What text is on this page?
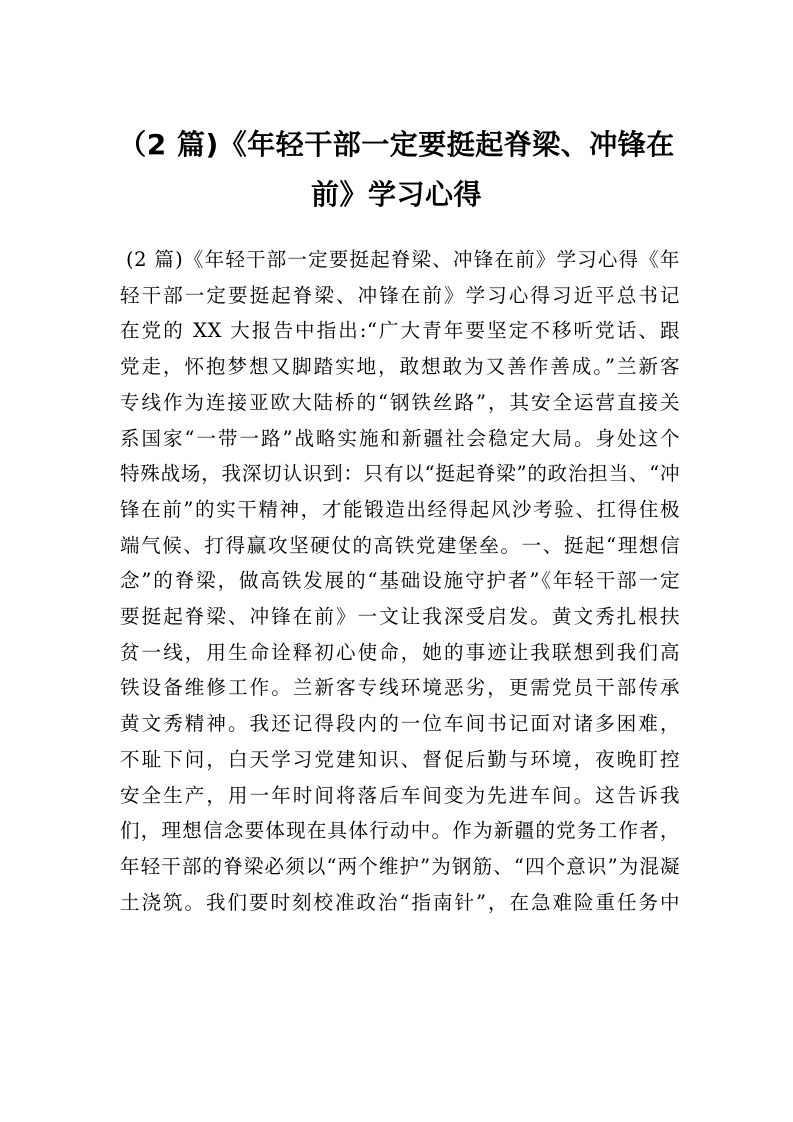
（2 篇)《年轻干部一定要挺起脊梁、冲锋在
前》学习心得
(2 篇)《年轻干部一定要挺起脊梁、冲锋在前》学习心得《年
轻干部一定要挺起脊梁、冲锋在前》学习心得习近平总书记
在党的 XX 大报告中指出:“广大青年要坚定不移听党话、跟
党走，怀抱梦想又脚踏实地，敢想敢为又善作善成。”兰新客
专线作为连接亚欧大陆桥的“钢铁丝路”，其安全运营直接关
系国家“一带一路”战略实施和新疆社会稳定大局。身处这个
特殊战场，我深切认识到：只有以“挺起脊梁”的政治担当、“冲
锋在前”的实干精神，才能锻造出经得起风沙考验、扛得住极
端气候、打得赢攻坚硬仗的高铁党建堡垒。一、挺起“理想信
念”的脊梁，做高铁发展的“基础设施守护者”《年轻干部一定
要挺起脊梁、冲锋在前》一文让我深受启发。黄文秀扎根扶
贫一线，用生命诠释初心使命，她的事迹让我联想到我们高
铁设备维修工作。兰新客专线环境恶劣，更需党员干部传承
黄文秀精神。我还记得段内的一位车间书记面对诸多困难，
不耻下问，白天学习党建知识、督促后勤与环境，夜晚盯控
安全生产，用一年时间将落后车间变为先进车间。这告诉我
们，理想信念要体现在具体行动中。作为新疆的党务工作者，
年轻干部的脊梁必须以“两个维护”为钢筋、“四个意识”为混凝
土浇筑。我们要时刻校准政治“指南针”，在急难险重任务中
